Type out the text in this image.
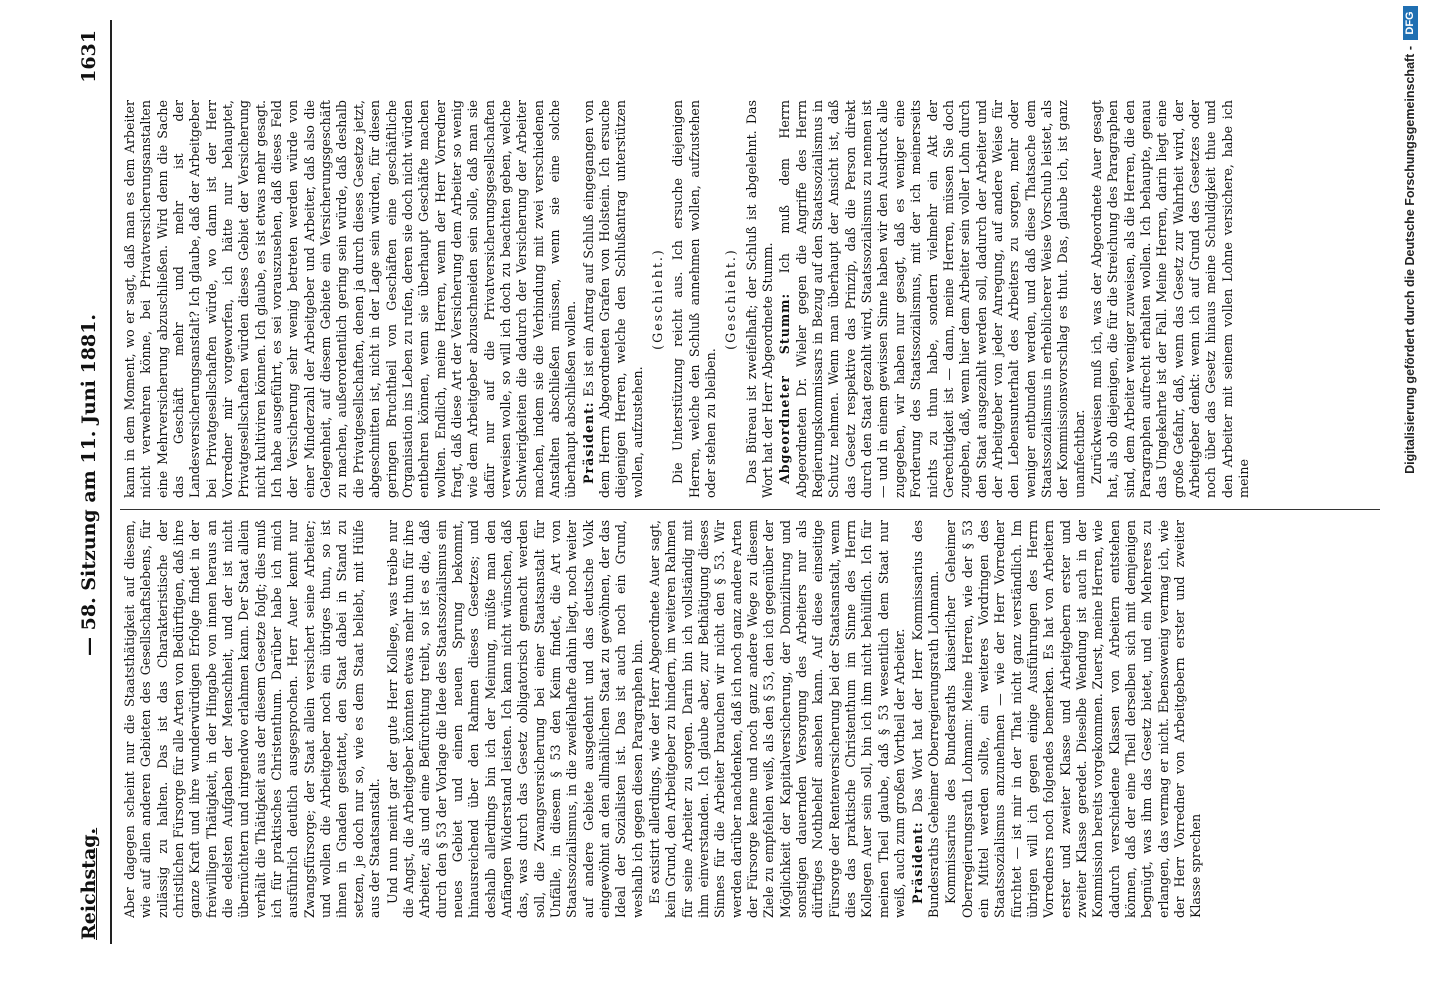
Reichstag.
— 58. Sitzung am 11. Juni 1881.
1631

Aber dagegen scheint nur die Staatsthätigkeit auf diesem, wie auf allen anderen Gebieten des Gesellschaftslebens, für zulässig zu halten. Das ist das Charakteristische der christlichen Fürsorge für alle Arten von Bedürftigen, daß ihre ganze Kraft und ihre wunderwürdigen Erfolge findet in der freiwilligen Thätigkeit, in der Hingabe von innen heraus an die edelsten Aufgaben der Menschheit, und der ist nicht übernüchtern und nirgendwo erlahmen kann. Der Staat allein verhält die Thätigkeit aus der diesem Gesetze folgt; dies muß ich für praktisches Christenthum. Darüber habe ich mich ausführlich deutlich ausgesprochen. Herr Auer kennt nur Zwangsfürsorge; der Staat allein versichert seine Arbeiter; und wollen die Arbeitgeber noch ein übriges thun, so ist ihnen in Gnaden gestattet, den Staat dabei in Stand zu setzen, je doch nur so, wie es dem Staat beliebt, mit Hülfe aus der Staatsanstalt. Und nun meint gar der gute Herr Kollege, was treibe nur die Angst, die Arbeitgeber könnten etwas mehr thun für ihre Arbeiter, als und eine Befürchtung treibt, so ist es die, daß durch den § 53 der Vorlage die Idee des Staatssozialismus ein neues Gebiet und einen neuen Sprung bekommt, hinausreichend über den Rahmen dieses Gesetzes; und deshalb allerdings bin ich der Meinung, müßte man den Anfängen Widerstand leisten. Ich kann nicht wünschen, daß das, was durch das Gesetz obligatorisch gemacht werden soll, die Zwangsversicherung bei einer Staatsanstalt für Unfälle, in diesem § 53 den Keim findet, die Art von Staatssozialismus, in die zweifelhafte dahin liegt, noch weiter auf andere Gebiete ausgedehnt und das deutsche Volk eingewöhnt an den allmählichen Staat zu gewöhnen, der das Ideal der Sozialisten ist. Das ist auch noch ein Grund, weshalb ich gegen diesen Paragraphen bin. Es existirt allerdings, wie der Herr Abgeordnete Auer sagt, kein Grund, den Arbeitgeber zu hindern, im weiteren Rahmen für seine Arbeiter zu sorgen. Darin bin ich vollständig mit ihm einverstanden. Ich glaube aber, zur Bethätigung dieses Sinnes für die Arbeiter brauchen wir nicht den § 53. Wir werden darüber nachdenken, daß ich noch ganz andere Arten der Fürsorge kenne und noch ganz andere Wege zu diesem Ziele zu empfehlen weiß, als den § 53, den ich gegenüber der Möglichkeit der Kapitalversicherung, der Domizilirung und sonstigen dauernden Versorgung des Arbeiters nur als dürftiges Nothbehelf ansehen kann. Auf diese einseitige Fürsorge der Rentenversicherung bei der Staatsanstalt, wenn dies das praktische Christenthum im Sinne des Herrn Kollegen Auer sein soll, bin ich ihm nicht behülflich. Ich für meinen Theil glaube, daß § 53 wesentlich dem Staat nur weiß, auch zum großen Vortheil der Arbeiter. Präsident: Das Wort hat der Herr Kommissarius des Bundesraths Geheimer Oberregierungsrath Lohmann. Kommissarius des Bundesraths kaiserlicher Geheimer Oberregierungsrath Lohmann: Meine Herren, wie der § 53 ein Mittel werden sollte, ein weiteres Vordringen des Staatssozialismus anzunehmen — wie der Herr Vorredner fürchtet — ist mir in der That nicht ganz verständlich. Im übrigen will ich gegen einige Ausführungen des Herrn Vorredners noch folgendes bemerken. Es hat von Arbeitern erster und zweiter Klasse und Arbeitgebern erster und zweiter Klasse geredet. Dieselbe Wendung ist auch in der Kommission bereits vorgekommen. Zuerst, meine Herren, wie dadurch verschiedene Klassen von Arbeitern entstehen können, daß der eine Theil derselben sich mit demjenigen begnügt, was ihm das Gesetz bietet, und ein Mehreres zu erlangen, das vermag er nicht. Ebensowenig vermag ich, wie der Herr Vorredner von Arbeitgebern erster und zweiter Klasse sprechen

kann in dem Moment, wo er sagt, daß man es dem Arbeiter nicht verwehren könne, bei Privatversicherungsanstalten eine Mehrversicherung abzuschließen. Wird denn die Sache das Geschäft mehr und mehr ist der Landesversicherungsanstalt? Ich glaube, daß der Arbeitgeber bei Privatgesellschaften würde, wo dann ist der Herr Vorredner mir vorgeworfen, ich hätte nur behauptet, Privatgesellschaften würden dieses Gebiet der Versicherung nicht kultiviren können. Ich glaube, es ist etwas mehr gesagt. Ich habe ausgeführt, es sei vorauszusehen, daß dieses Feld der Versicherung sehr wenig betreten werden würde von einer Minderzahl der Arbeitgeber und Arbeiter, daß also die Gelegenheit, auf diesem Gebiete ein Versicherungsgeschäft zu machen, außerordentlich gering sein würde, daß deshalb die Privatgesellschaften, denen ja durch dieses Gesetze jetzt, abgeschnitten ist, nicht in der Lage sein würden, für diesen geringen Bruchtheil von Geschäften eine geschäftliche Organisation ins Leben zu rufen, deren sie doch nicht würden entbehren können, wenn sie überhaupt Geschäfte machen wollten. Endlich, meine Herren, wenn der Herr Vorredner fragt, daß diese Art der Versicherung dem Arbeiter so wenig wie dem Arbeitgeber abzuschneiden sein solle, daß man sie dafür nur auf die Privatversicherungsgesellschaften verweisen wolle, so will ich doch zu beachten geben, welche Schwierigkeiten die dadurch der Versicherung der Arbeiter machen, indem sie die Verbindung mit zwei verschiedenen Anstalten abschließen müssen, wenn sie eine solche überhaupt abschließen wollen. Präsident: Es ist ein Antrag auf Schluß eingegangen von dem Herrn Abgeordneten Grafen von Holstein. Ich ersuche diejenigen Herren, welche den Schlußantrag unterstützen wollen, aufzustehen.

(Geschieht.) Die Unterstützung reicht aus. Ich ersuche diejenigen Herren, welche den Schluß annehmen wollen, aufzustehen oder stehen zu bleiben.

(Geschieht.) Das Büreau ist zweifelhaft; der Schluß ist abgelehnt. Das Wort hat der Herr Abgeordnete Stumm. Abgeordneter Stumm: Ich muß dem Herrn Abgeordneten Dr. Wieler gegen die Angriffe des Herrn Regierungskommissars in Bezug auf den Staatssozialismus in Schutz nehmen. Wenn man überhaupt der Ansicht ist, daß das Gesetz respektive das Prinzip, daß die Person direkt durch den Staat gezahlt wird, Staatssozialismus zu nennen ist — und in einem gewissen Sinne haben wir den Ausdruck alle zugegeben, wir haben nur gesagt, daß es weniger eine Forderung des Staatssozialismus, mit der ich meinerseits nichts zu thun habe, sondern vielmehr ein Akt der Gerechtigkeit ist — dann, meine Herren, müssen Sie doch zugeben, daß, wenn hier dem Arbeiter sein voller Lohn durch den Staat ausgezahlt werden soll, dadurch der Arbeiter und der Arbeitgeber von jeder Anregung, auf andere Weise für den Lebensunterhalt des Arbeiters zu sorgen, mehr oder weniger entbunden werden, und daß diese Thatsache dem Staatssozialismus in erheblicherer Weise Vorschub leistet, als der Kommissionsvorschlag es thut. Das, glaube ich, ist ganz unanfechtbar. Zurückweisen muß ich, was der Abgeordnete Auer gesagt hat, als ob diejenigen, die für die Streichung des Paragraphen sind, dem Arbeiter weniger zuweisen, als die Herren, die den Paragraphen aufrecht erhalten wollen. Ich behaupte, genau das Umgekehrte ist der Fall. Meine Herren, darin liegt eine große Gefahr, daß, wenn das Gesetz zur Wahrheit wird, der Arbeitgeber denkt: wenn ich auf Grund des Gesetzes oder noch über das Gesetz hinaus meine Schuldigkeit thue und den Arbeiter mit seinem vollen Lohne versichere, habe ich meine

Digitalisierung gefördert durch die Deutsche Forschungsgemeinschaft -
DFG
